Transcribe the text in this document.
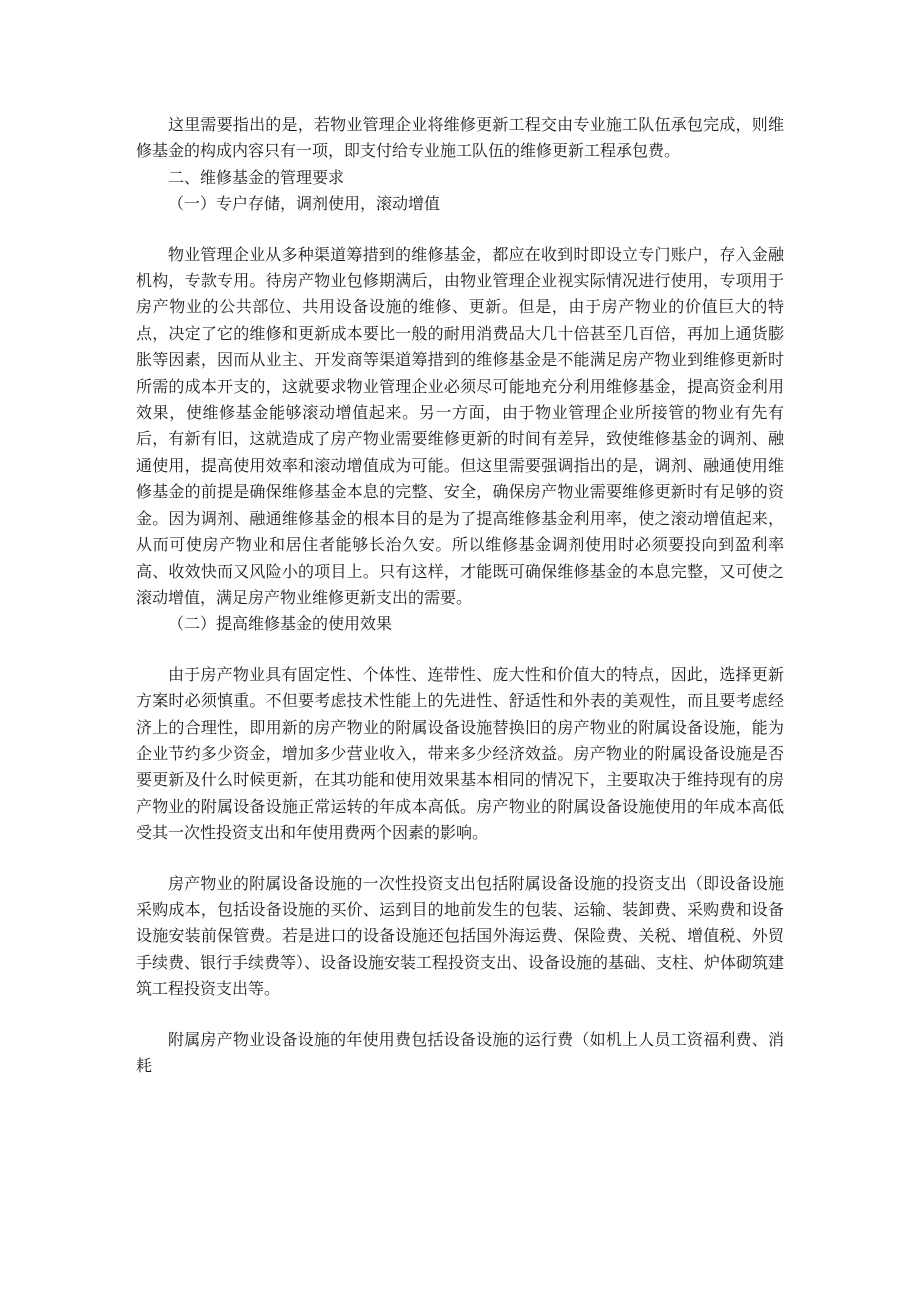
这里需要指出的是，若物业管理企业将维修更新工程交由专业施工队伍承包完成，则维修基金的构成内容只有一项，即支付给专业施工队伍的维修更新工程承包费。

二、维修基金的管理要求

（一）专户存储，调剂使用，滚动增值

物业管理企业从多种渠道筹措到的维修基金，都应在收到时即设立专门账户，存入金融机构，专款专用。待房产物业包修期满后，由物业管理企业视实际情况进行使用，专项用于房产物业的公共部位、共用设备设施的维修、更新。但是，由于房产物业的价值巨大的特点，决定了它的维修和更新成本要比一般的耐用消费品大几十倍甚至几百倍，再加上通货膨胀等因素，因而从业主、开发商等渠道筹措到的维修基金是不能满足房产物业到维修更新时所需的成本开支的，这就要求物业管理企业必须尽可能地充分利用维修基金，提高资金利用效果，使维修基金能够滚动增值起来。另一方面，由于物业管理企业所接管的物业有先有后，有新有旧，这就造成了房产物业需要维修更新的时间有差异，致使维修基金的调剂、融通使用，提高使用效率和滚动增值成为可能。但这里需要强调指出的是，调剂、融通使用维修基金的前提是确保维修基金本息的完整、安全，确保房产物业需要维修更新时有足够的资金。因为调剂、融通维修基金的根本目的是为了提高维修基金利用率，使之滚动增值起来，从而可使房产物业和居住者能够长治久安。所以维修基金调剂使用时必须要投向到盈利率高、收效快而又风险小的项目上。只有这样，才能既可确保维修基金的本息完整，又可使之滚动增值，满足房产物业维修更新支出的需要。

（二）提高维修基金的使用效果

由于房产物业具有固定性、个体性、连带性、庞大性和价值大的特点，因此，选择更新方案时必须慎重。不但要考虑技术性能上的先进性、舒适性和外表的美观性，而且要考虑经济上的合理性，即用新的房产物业的附属设备设施替换旧的房产物业的附属设备设施，能为企业节约多少资金，增加多少营业收入，带来多少经济效益。房产物业的附属设备设施是否要更新及什么时候更新，在其功能和使用效果基本相同的情况下，主要取决于维持现有的房产物业的附属设备设施正常运转的年成本高低。房产物业的附属设备设施使用的年成本高低受其一次性投资支出和年使用费两个因素的影响。

房产物业的附属设备设施的一次性投资支出包括附属设备设施的投资支出（即设备设施采购成本，包括设备设施的买价、运到目的地前发生的包装、运输、装卸费、采购费和设备设施安装前保管费。若是进口的设备设施还包括国外海运费、保险费、关税、增值税、外贸手续费、银行手续费等）、设备设施安装工程投资支出、设备设施的基础、支柱、炉体砌筑建筑工程投资支出等。

附属房产物业设备设施的年使用费包括设备设施的运行费（如机上人员工资福利费、消耗
